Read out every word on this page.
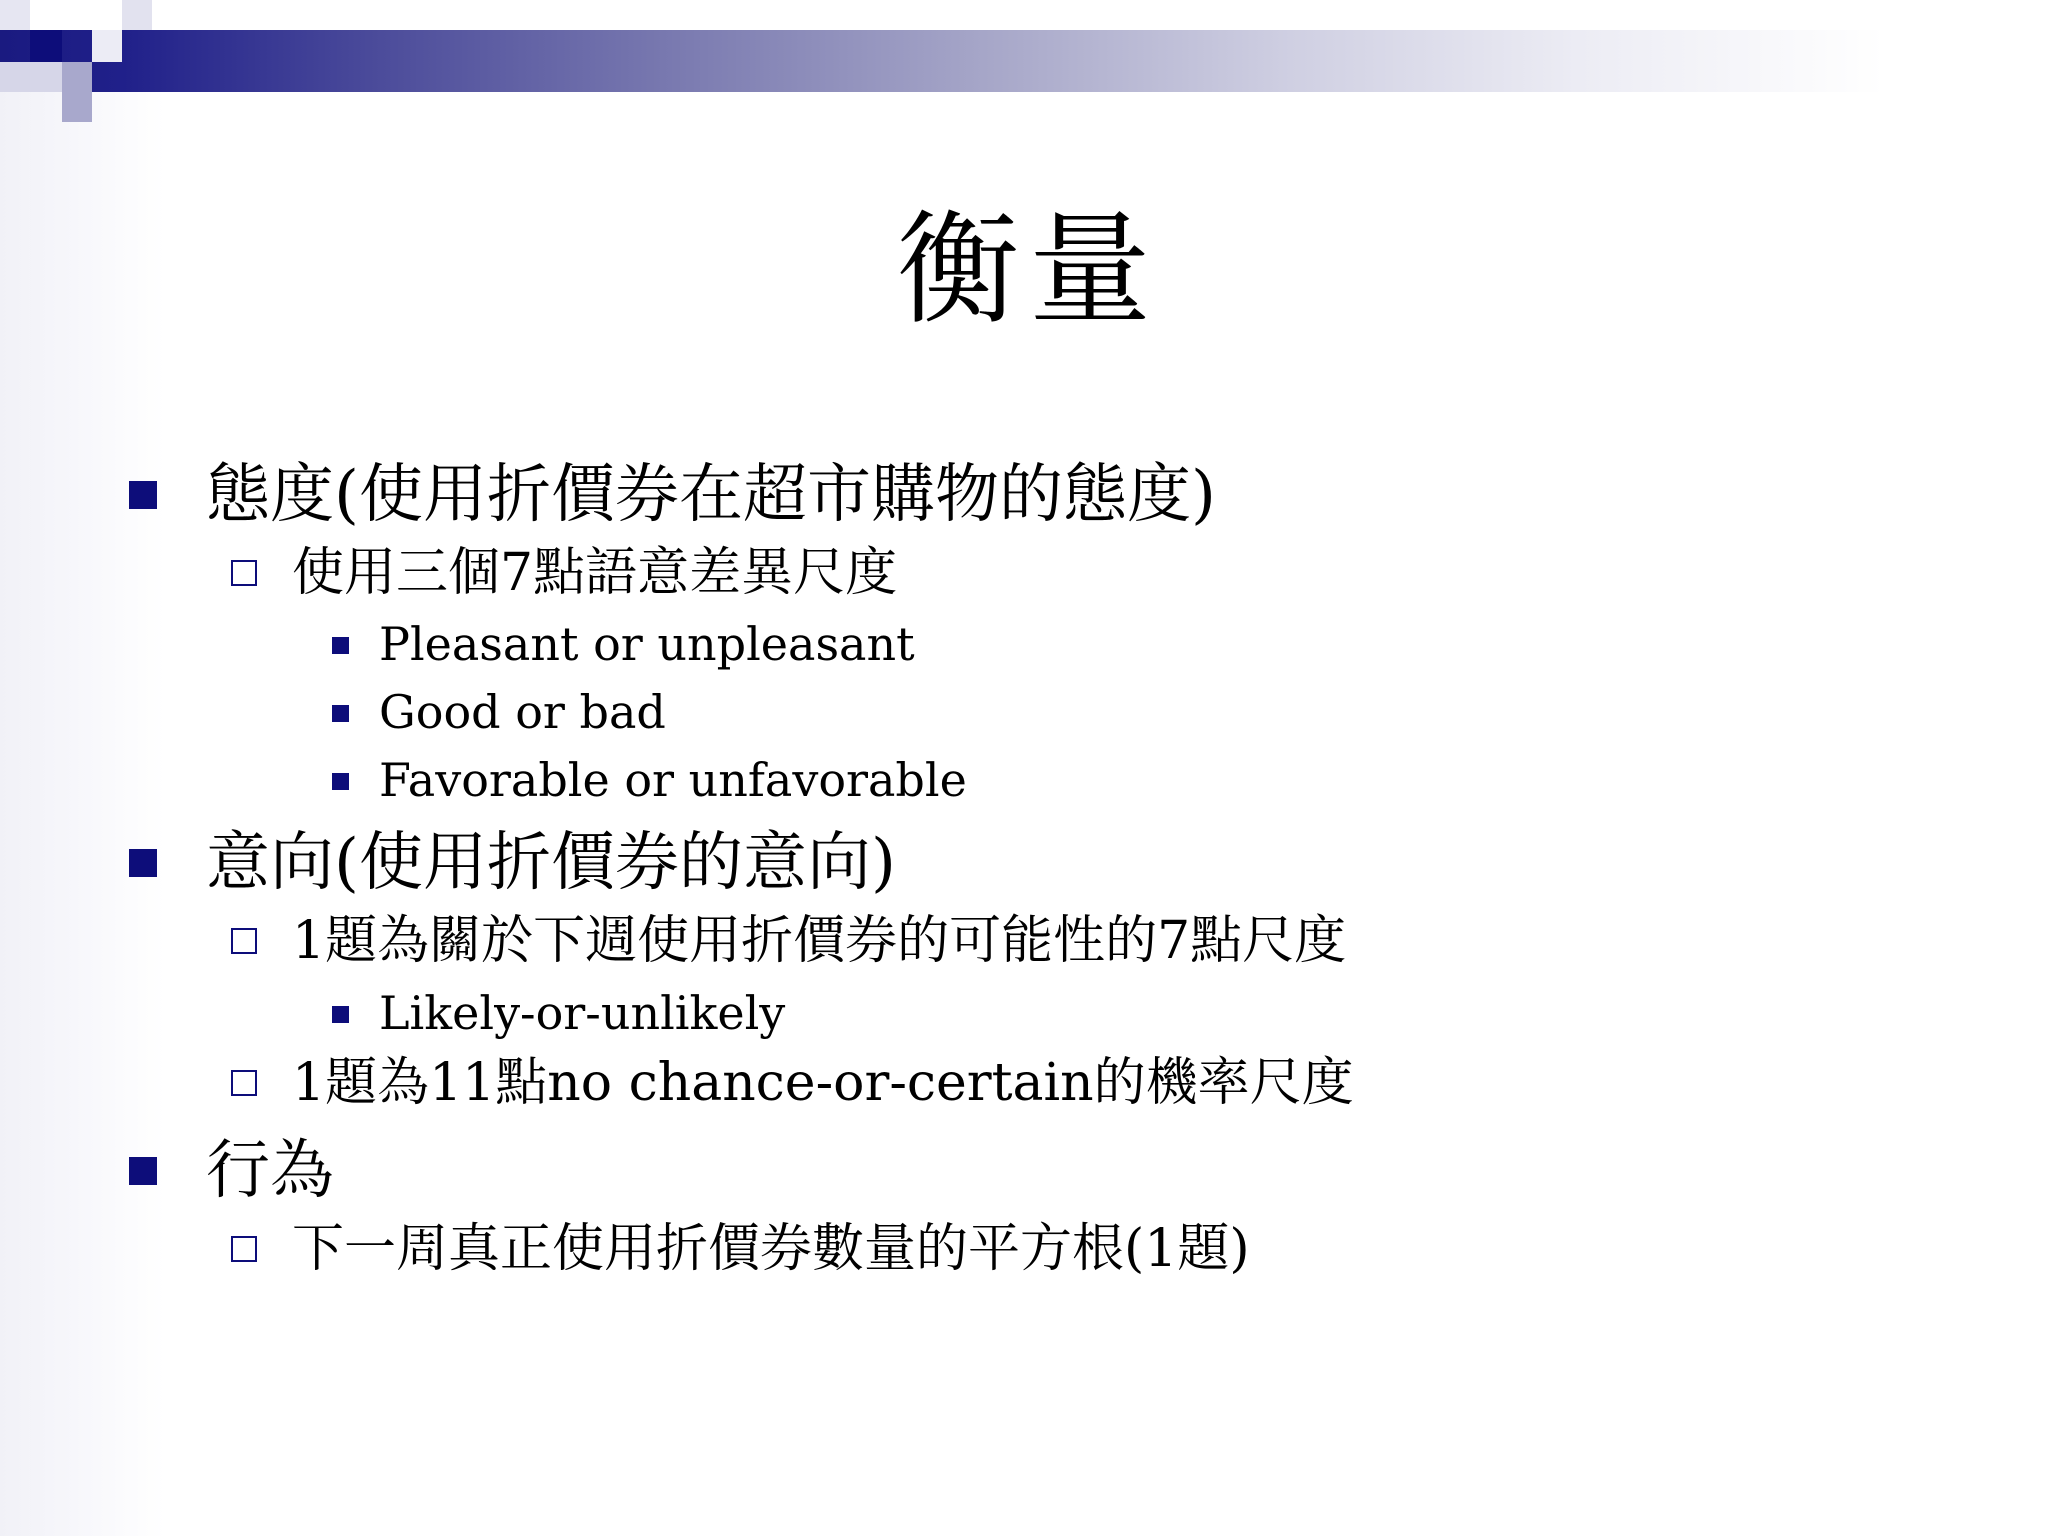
衡量
態度(使用折價券在超市購物的態度)
使用三個7點語意差異尺度
Pleasant or unpleasant
Good or bad
Favorable or unfavorable
意向(使用折價券的意向)
1題為關於下週使用折價券的可能性的7點尺度
Likely-or-unlikely
1題為11點no chance-or-certain的機率尺度
行為
下一周真正使用折價券數量的平方根(1題)
